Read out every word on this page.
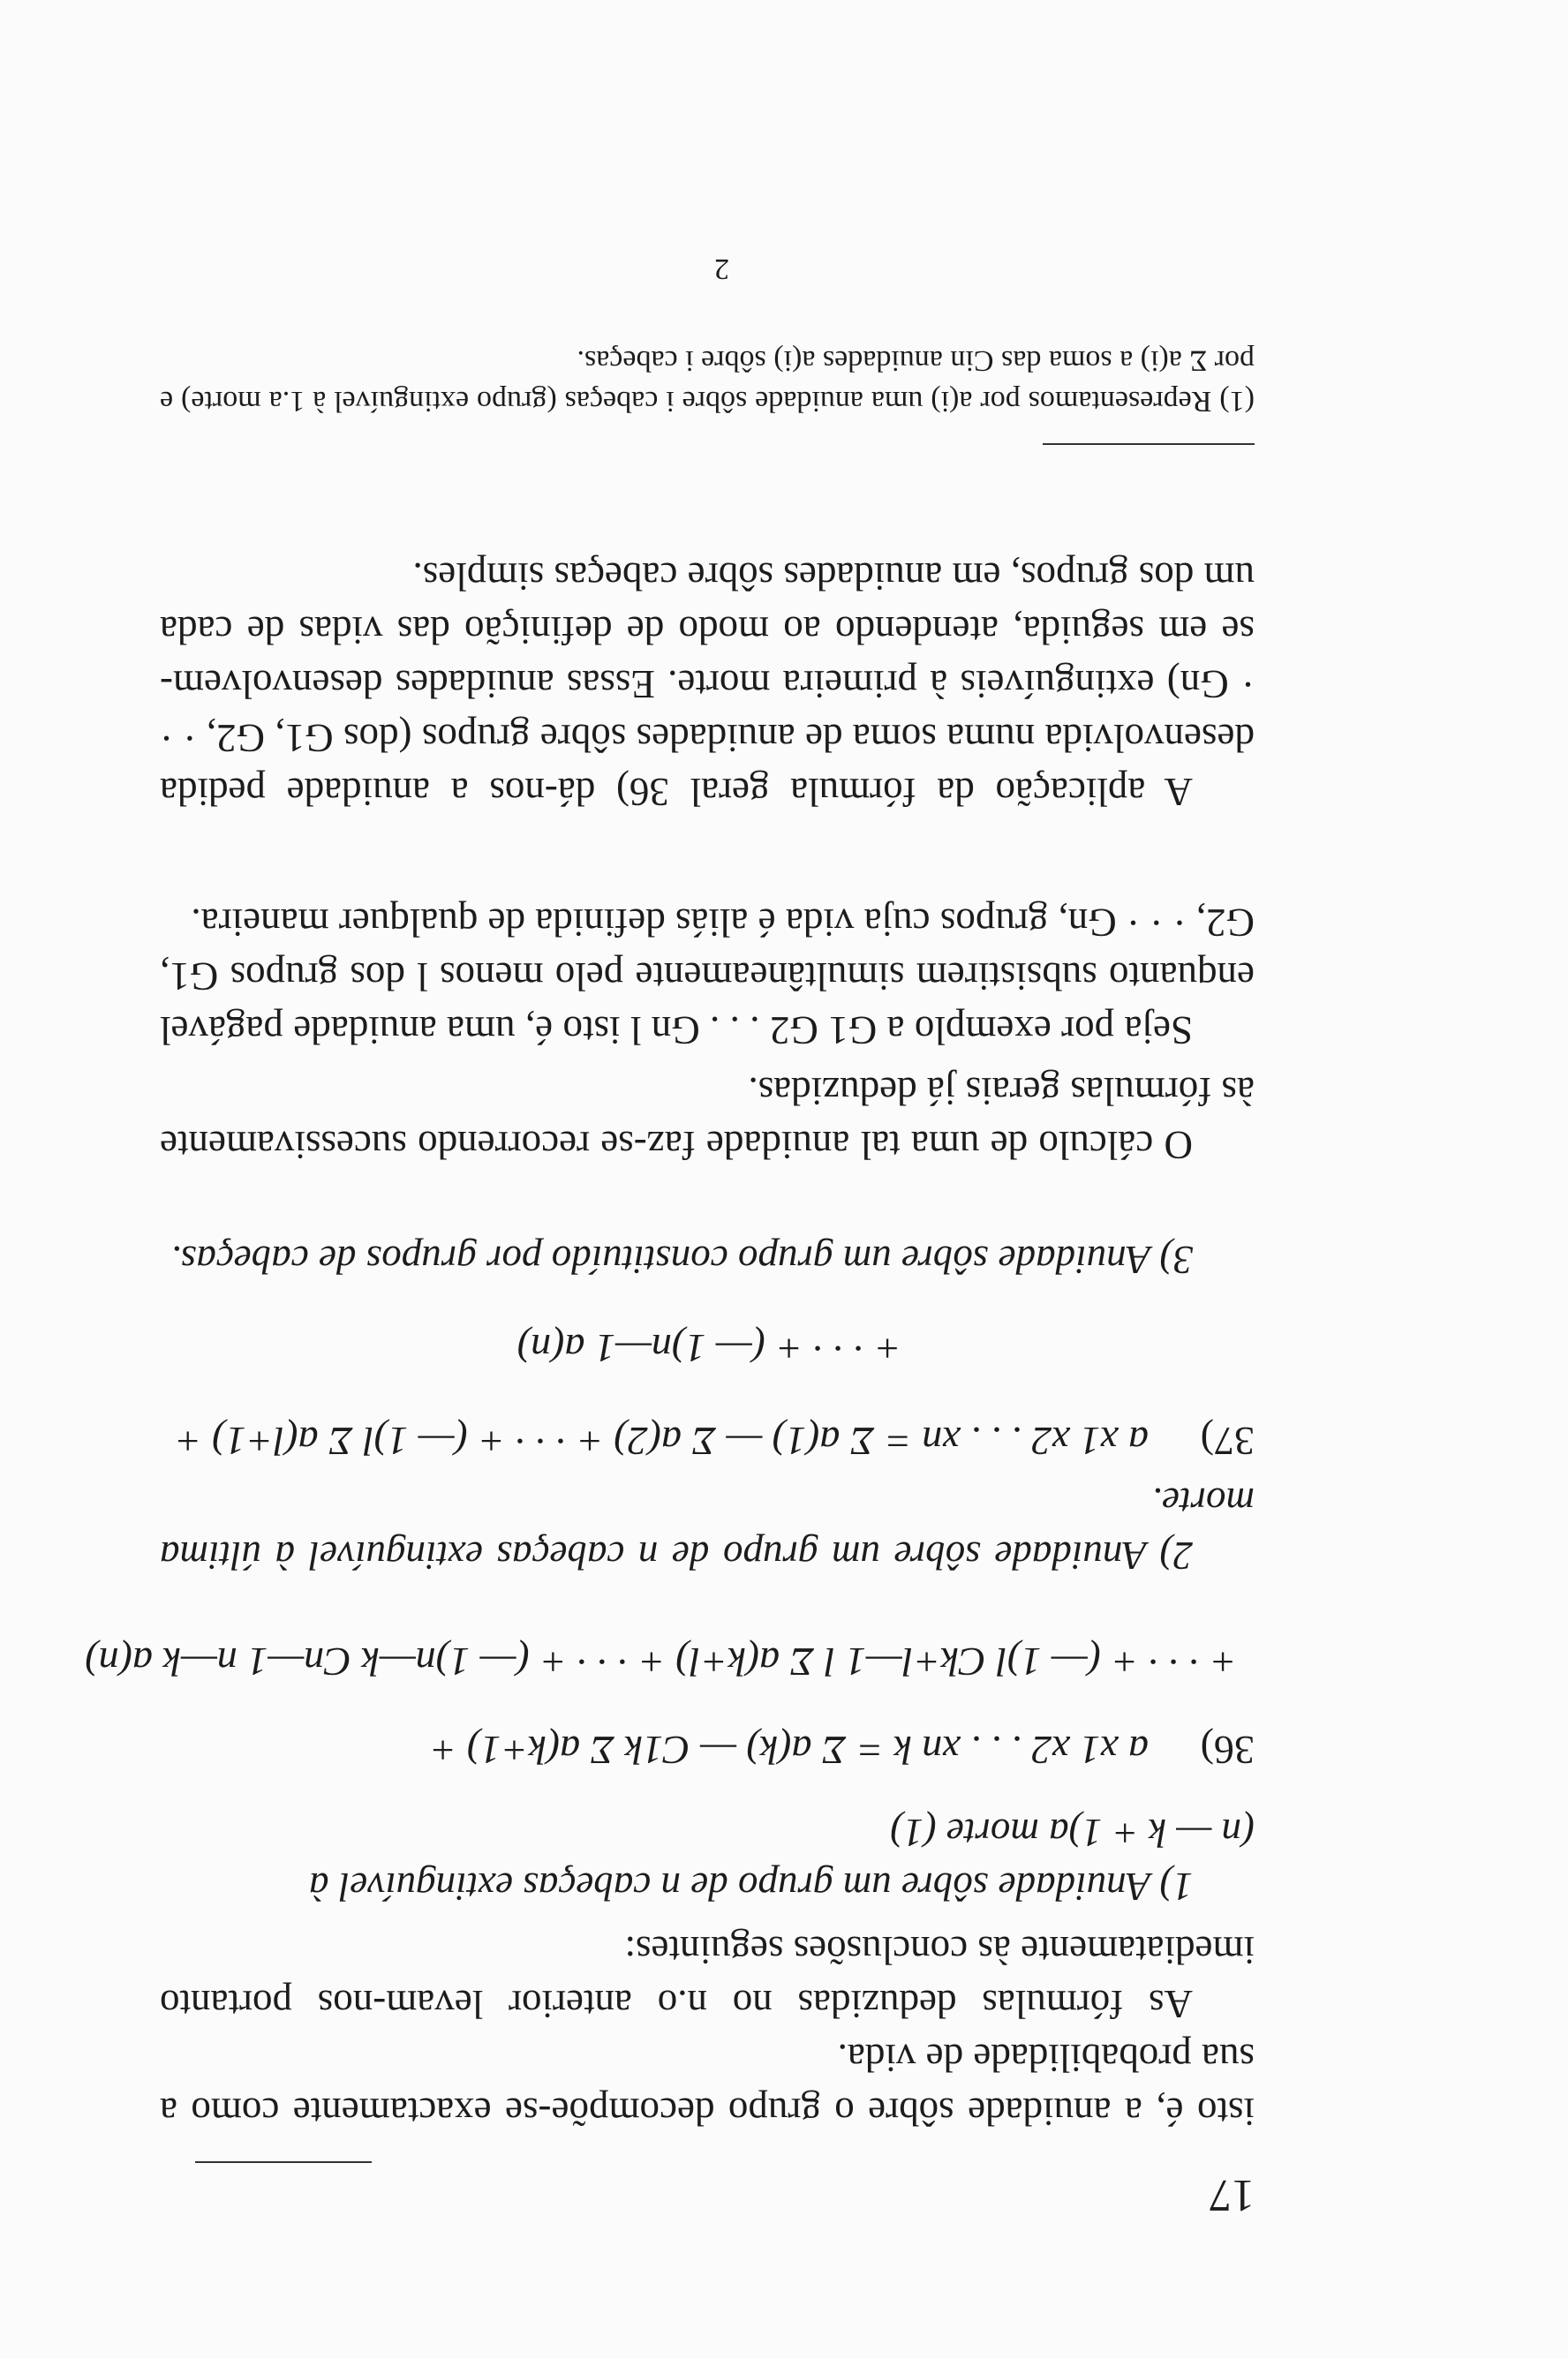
17
isto é, a anuidade sôbre o grupo decompõe-se exactamente como a sua probabilidade de vida.
As fórmulas deduzidas no n.o anterior levam-nos portanto imediatamente às conclusões seguintes:
1) Anuidade sôbre um grupo de n cabeças extinguível à
(n — k + 1)a morte (1)
36)
a x1 x2 . . . xn k = Σ a(k) — C1k Σ a(k+1) +
+ · · · + (— 1)l Ck+l—1 l Σ a(k+l) + · · · + (— 1)n—k Cn—1 n—k a(n)
2) Anuidade sôbre um grupo de n cabeças extinguível à última morte.
37)
a x1 x2 . . . xn = Σ a(1) — Σ a(2) + · · · + (— 1)l Σ a(l+1) +
+ · · · + (— 1)n—1 a(n)
3) Anuidade sôbre um grupo constituído por grupos de cabeças.
O cálculo de uma tal anuidade faz-se recorrendo sucessivamente às fórmulas gerais já deduzidas.
Seja por exemplo a G1 G2 . . . Gn l isto é, uma anuidade pagável enquanto subsistirem simultâneamente pelo menos l dos grupos G1, G2, · · · Gn, grupos cuja vida é aliás definida de qualquer maneira.
A aplicação da fórmula geral 36) dá-nos a anuidade pedida desenvolvida numa soma de anuidades sôbre grupos (dos G1, G2, · · · Gn) extinguíveis à primeira morte. Essas anuidades desenvolvem-se em seguida, atendendo ao modo de definição das vidas de cada um dos grupos, em anuidades sôbre cabeças simples.
(1) Representamos por a(i) uma anuidade sôbre i cabeças (grupo extinguível à 1.a morte) e por Σ a(i) a soma das Cin anuidades a(i) sôbre i cabeças.
2
